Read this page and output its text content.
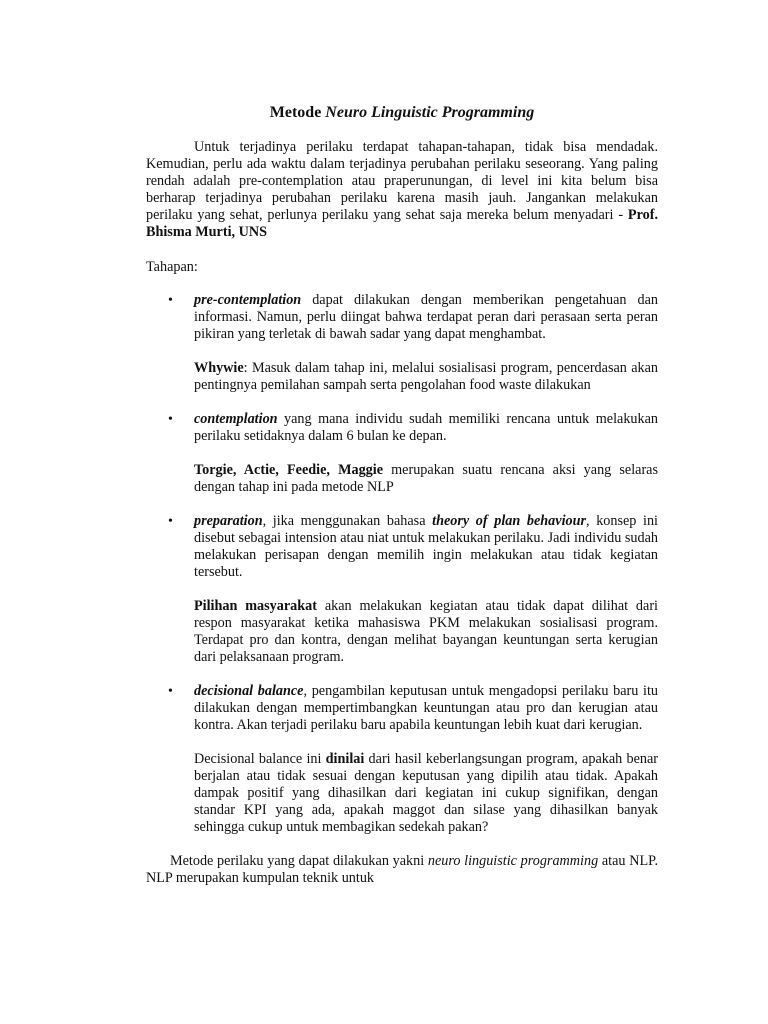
Metode Neuro Linguistic Programming

Untuk terjadinya perilaku terdapat tahapan-tahapan, tidak bisa mendadak. Kemudian, perlu ada waktu dalam terjadinya perubahan perilaku seseorang. Yang paling rendah adalah pre-contemplation atau praperunungan, di level ini kita belum bisa berharap terjadinya perubahan perilaku karena masih jauh. Jangankan melakukan perilaku yang sehat, perlunya perilaku yang sehat saja mereka belum menyadari - Prof. Bhisma Murti, UNS

Tahapan:

• pre-contemplation dapat dilakukan dengan memberikan pengetahuan dan informasi. Namun, perlu diingat bahwa terdapat peran dari perasaan serta peran pikiran yang terletak di bawah sadar yang dapat menghambat.

Whywie: Masuk dalam tahap ini, melalui sosialisasi program, pencerdasan akan pentingnya pemilahan sampah serta pengolahan food waste dilakukan

• contemplation yang mana individu sudah memiliki rencana untuk melakukan perilaku setidaknya dalam 6 bulan ke depan.

Torgie, Actie, Feedie, Maggie merupakan suatu rencana aksi yang selaras dengan tahap ini pada metode NLP

• preparation, jika menggunakan bahasa theory of plan behaviour, konsep ini disebut sebagai intension atau niat untuk melakukan perilaku. Jadi individu sudah melakukan perisapan dengan memilih ingin melakukan atau tidak kegiatan tersebut.

Pilihan masyarakat akan melakukan kegiatan atau tidak dapat dilihat dari respon masyarakat ketika mahasiswa PKM melakukan sosialisasi program. Terdapat pro dan kontra, dengan melihat bayangan keuntungan serta kerugian dari pelaksanaan program.

• decisional balance, pengambilan keputusan untuk mengadopsi perilaku baru itu dilakukan dengan mempertimbangkan keuntungan atau pro dan kerugian atau kontra. Akan terjadi perilaku baru apabila keuntungan lebih kuat dari kerugian.

Decisional balance ini dinilai dari hasil keberlangsungan program, apakah benar berjalan atau tidak sesuai dengan keputusan yang dipilih atau tidak. Apakah dampak positif yang dihasilkan dari kegiatan ini cukup signifikan, dengan standar KPI yang ada, apakah maggot dan silase yang dihasilkan banyak sehingga cukup untuk membagikan sedekah pakan?

Metode perilaku yang dapat dilakukan yakni neuro linguistic programming atau NLP. NLP merupakan kumpulan teknik untuk
